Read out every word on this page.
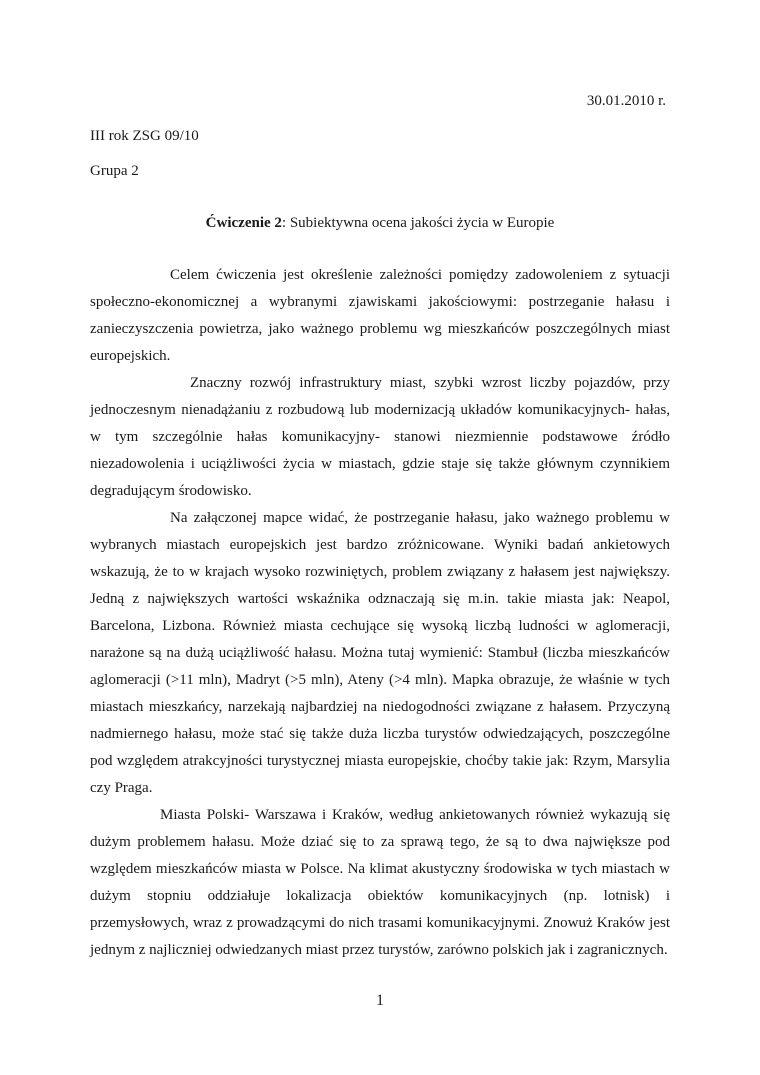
30.01.2010 r.
III rok ZSG 09/10
Grupa 2
Ćwiczenie 2: Subiektywna ocena jakości życia w Europie

Celem ćwiczenia jest określenie zależności pomiędzy zadowoleniem z sytuacji społeczno-ekonomicznej a wybranymi zjawiskami jakościowymi: postrzeganie hałasu i zanieczyszczenia powietrza, jako ważnego problemu wg mieszkańców poszczególnych miast europejskich.

Znaczny rozwój infrastruktury miast, szybki wzrost liczby pojazdów, przy jednoczesnym nienadążaniu z rozbudową lub modernizacją układów komunikacyjnych- hałas, w tym szczególnie hałas komunikacyjny- stanowi niezmiennie podstawowe źródło niezadowolenia i uciążliwości życia w miastach, gdzie staje się także głównym czynnikiem degradującym środowisko.

Na załączonej mapce widać, że postrzeganie hałasu, jako ważnego problemu w wybranych miastach europejskich jest bardzo zróżnicowane. Wyniki badań ankietowych wskazują, że to w krajach wysoko rozwiniętych, problem związany z hałasem jest największy. Jedną z największych wartości wskaźnika odznaczają się m.in. takie miasta jak: Neapol, Barcelona, Lizbona. Również miasta cechujące się wysoką liczbą ludności w aglomeracji, narażone są na dużą uciążliwość hałasu. Można tutaj wymienić: Stambuł (liczba mieszkańców aglomeracji (>11 mln), Madryt (>5 mln), Ateny (>4 mln). Mapka obrazuje, że właśnie w tych miastach mieszkańcy, narzekają najbardziej na niedogodności związane z hałasem. Przyczyną nadmiernego hałasu, może stać się także duża liczba turystów odwiedzających, poszczególne pod względem atrakcyjności turystycznej miasta europejskie, choćby takie jak: Rzym, Marsylia czy Praga.

Miasta Polski- Warszawa i Kraków, według ankietowanych również wykazują się dużym problemem hałasu. Może dziać się to za sprawą tego, że są to dwa największe pod względem mieszkańców miasta w Polsce. Na klimat akustyczny środowiska w tych miastach w dużym stopniu oddziałuje lokalizacja obiektów komunikacyjnych (np. lotnisk) i przemysłowych, wraz z prowadzącymi do nich trasami komunikacyjnymi. Znowuż Kraków jest jednym z najliczniej odwiedzanych miast przez turystów, zarówno polskich jak i zagranicznych.

1
